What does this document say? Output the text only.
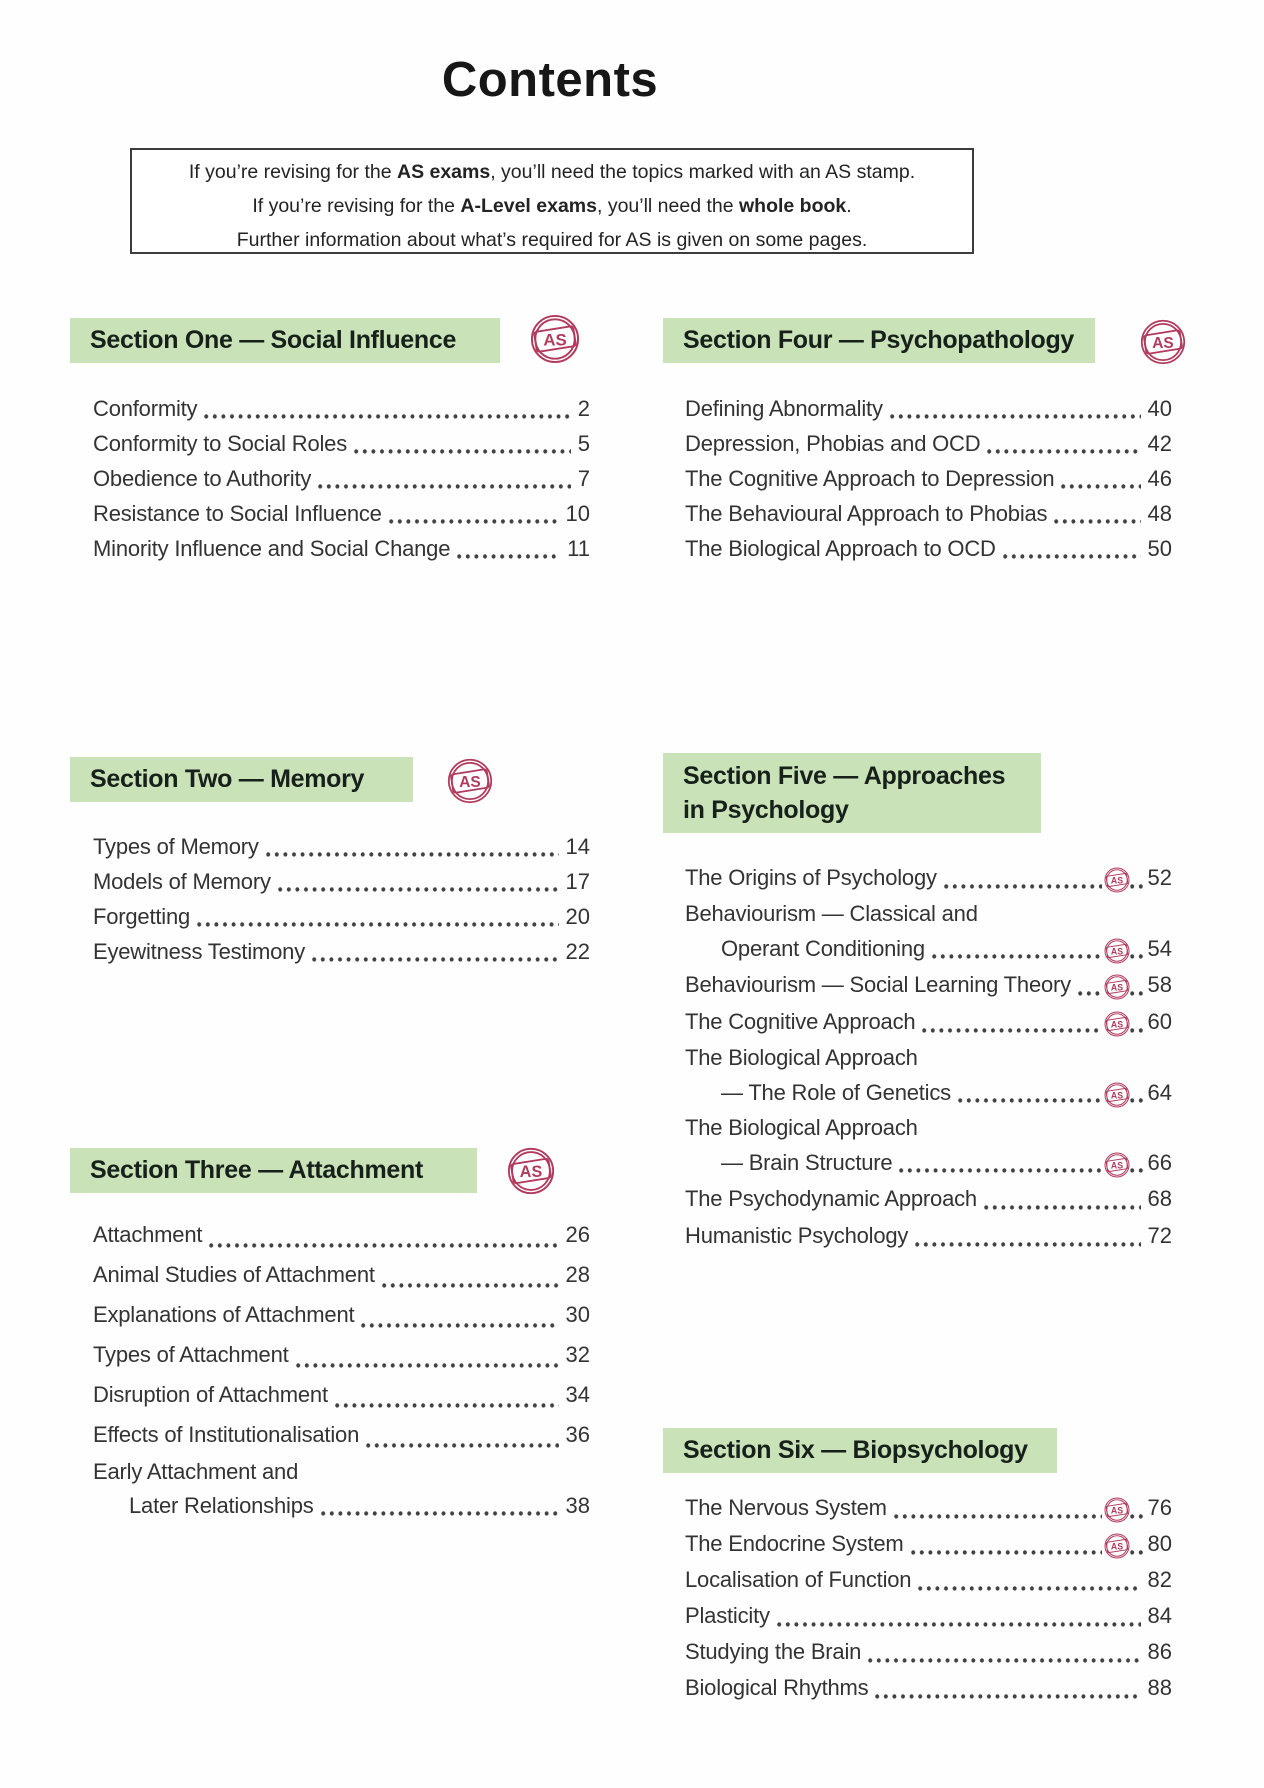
Contents
If you’re revising for the AS exams, you’ll need the topics marked with an AS stamp.
If you’re revising for the A-Level exams, you’ll need the whole book.
Further information about what’s required for AS is given on some pages.
Section One — Social Influence	AS
Conformity	2
Conformity to Social Roles	5
Obedience to Authority	7
Resistance to Social Influence	10
Minority Influence and Social Change	11
Section Two — Memory	AS
Types of Memory	14
Models of Memory	17
Forgetting	20
Eyewitness Testimony	22
Section Three — Attachment	AS
Attachment	26
Animal Studies of Attachment	28
Explanations of Attachment	30
Types of Attachment	32
Disruption of Attachment	34
Effects of Institutionalisation	36
Early Attachment and
Later Relationships	38
Section Four — Psychopathology	AS
Defining Abnormality	40
Depression, Phobias and OCD	42
The Cognitive Approach to Depression	46
The Behavioural Approach to Phobias	48
The Biological Approach to OCD	50
Section Five — Approaches
in Psychology
The Origins of Psychology	AS 52
Behaviourism — Classical and
Operant Conditioning	AS 54
Behaviourism — Social Learning Theory AS 58
The Cognitive Approach	AS 60
The Biological Approach
— The Role of Genetics	AS 64
The Biological Approach
— Brain Structure	AS 66
The Psychodynamic Approach	68
Humanistic Psychology	72
Section Six — Biopsychology
The Nervous System	AS 76
The Endocrine System	AS 80
Localisation of Function	82
Plasticity	84
Studying the Brain	86
Biological Rhythms	88
